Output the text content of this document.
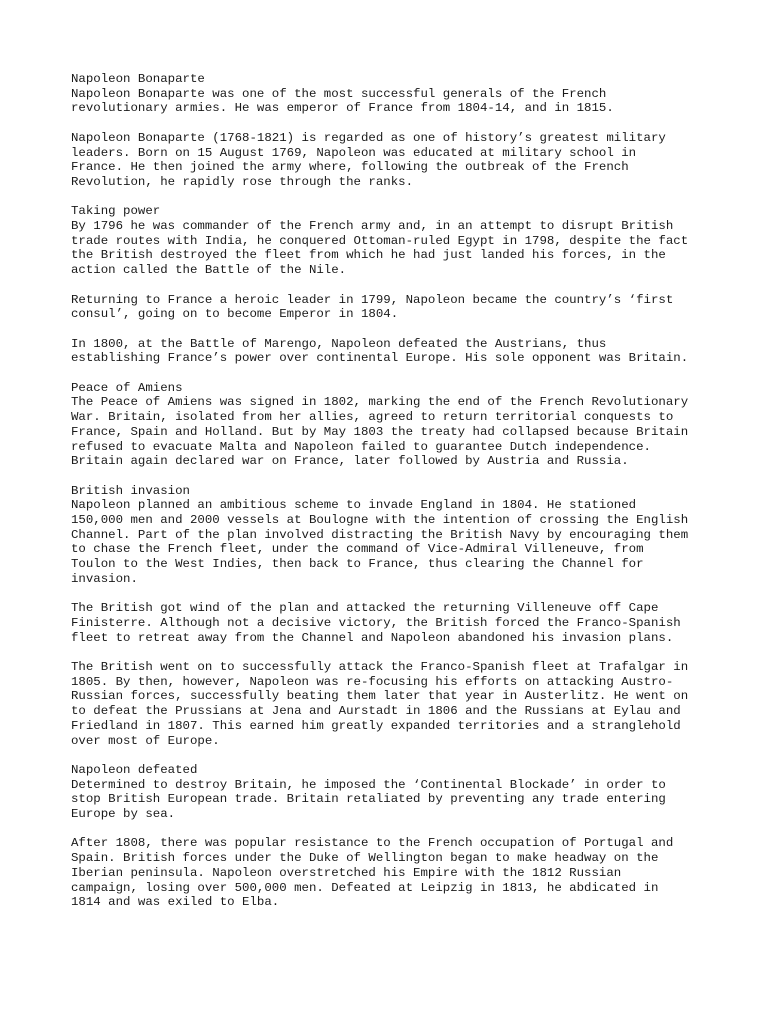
Napoleon Bonaparte
Napoleon Bonaparte was one of the most successful generals of the French
revolutionary armies. He was emperor of France from 1804-14, and in 1815.
Napoleon Bonaparte (1768-1821) is regarded as one of history’s greatest military
leaders. Born on 15 August 1769, Napoleon was educated at military school in
France. He then joined the army where, following the outbreak of the French
Revolution, he rapidly rose through the ranks.
Taking power
By 1796 he was commander of the French army and, in an attempt to disrupt British
trade routes with India, he conquered Ottoman-ruled Egypt in 1798, despite the fact
the British destroyed the fleet from which he had just landed his forces, in the
action called the Battle of the Nile.
Returning to France a heroic leader in 1799, Napoleon became the country’s ‘first
consul’, going on to become Emperor in 1804.
In 1800, at the Battle of Marengo, Napoleon defeated the Austrians, thus
establishing France’s power over continental Europe. His sole opponent was Britain.
Peace of Amiens
The Peace of Amiens was signed in 1802, marking the end of the French Revolutionary
War. Britain, isolated from her allies, agreed to return territorial conquests to
France, Spain and Holland. But by May 1803 the treaty had collapsed because Britain
refused to evacuate Malta and Napoleon failed to guarantee Dutch independence.
Britain again declared war on France, later followed by Austria and Russia.
British invasion
Napoleon planned an ambitious scheme to invade England in 1804. He stationed
150,000 men and 2000 vessels at Boulogne with the intention of crossing the English
Channel. Part of the plan involved distracting the British Navy by encouraging them
to chase the French fleet, under the command of Vice-Admiral Villeneuve, from
Toulon to the West Indies, then back to France, thus clearing the Channel for
invasion.
The British got wind of the plan and attacked the returning Villeneuve off Cape
Finisterre. Although not a decisive victory, the British forced the Franco-Spanish
fleet to retreat away from the Channel and Napoleon abandoned his invasion plans.
The British went on to successfully attack the Franco-Spanish fleet at Trafalgar in
1805. By then, however, Napoleon was re-focusing his efforts on attacking Austro-
Russian forces, successfully beating them later that year in Austerlitz. He went on
to defeat the Prussians at Jena and Aurstadt in 1806 and the Russians at Eylau and
Friedland in 1807. This earned him greatly expanded territories and a stranglehold
over most of Europe.
Napoleon defeated
Determined to destroy Britain, he imposed the ‘Continental Blockade’ in order to
stop British European trade. Britain retaliated by preventing any trade entering
Europe by sea.
After 1808, there was popular resistance to the French occupation of Portugal and
Spain. British forces under the Duke of Wellington began to make headway on the
Iberian peninsula. Napoleon overstretched his Empire with the 1812 Russian
campaign, losing over 500,000 men. Defeated at Leipzig in 1813, he abdicated in
1814 and was exiled to Elba.
